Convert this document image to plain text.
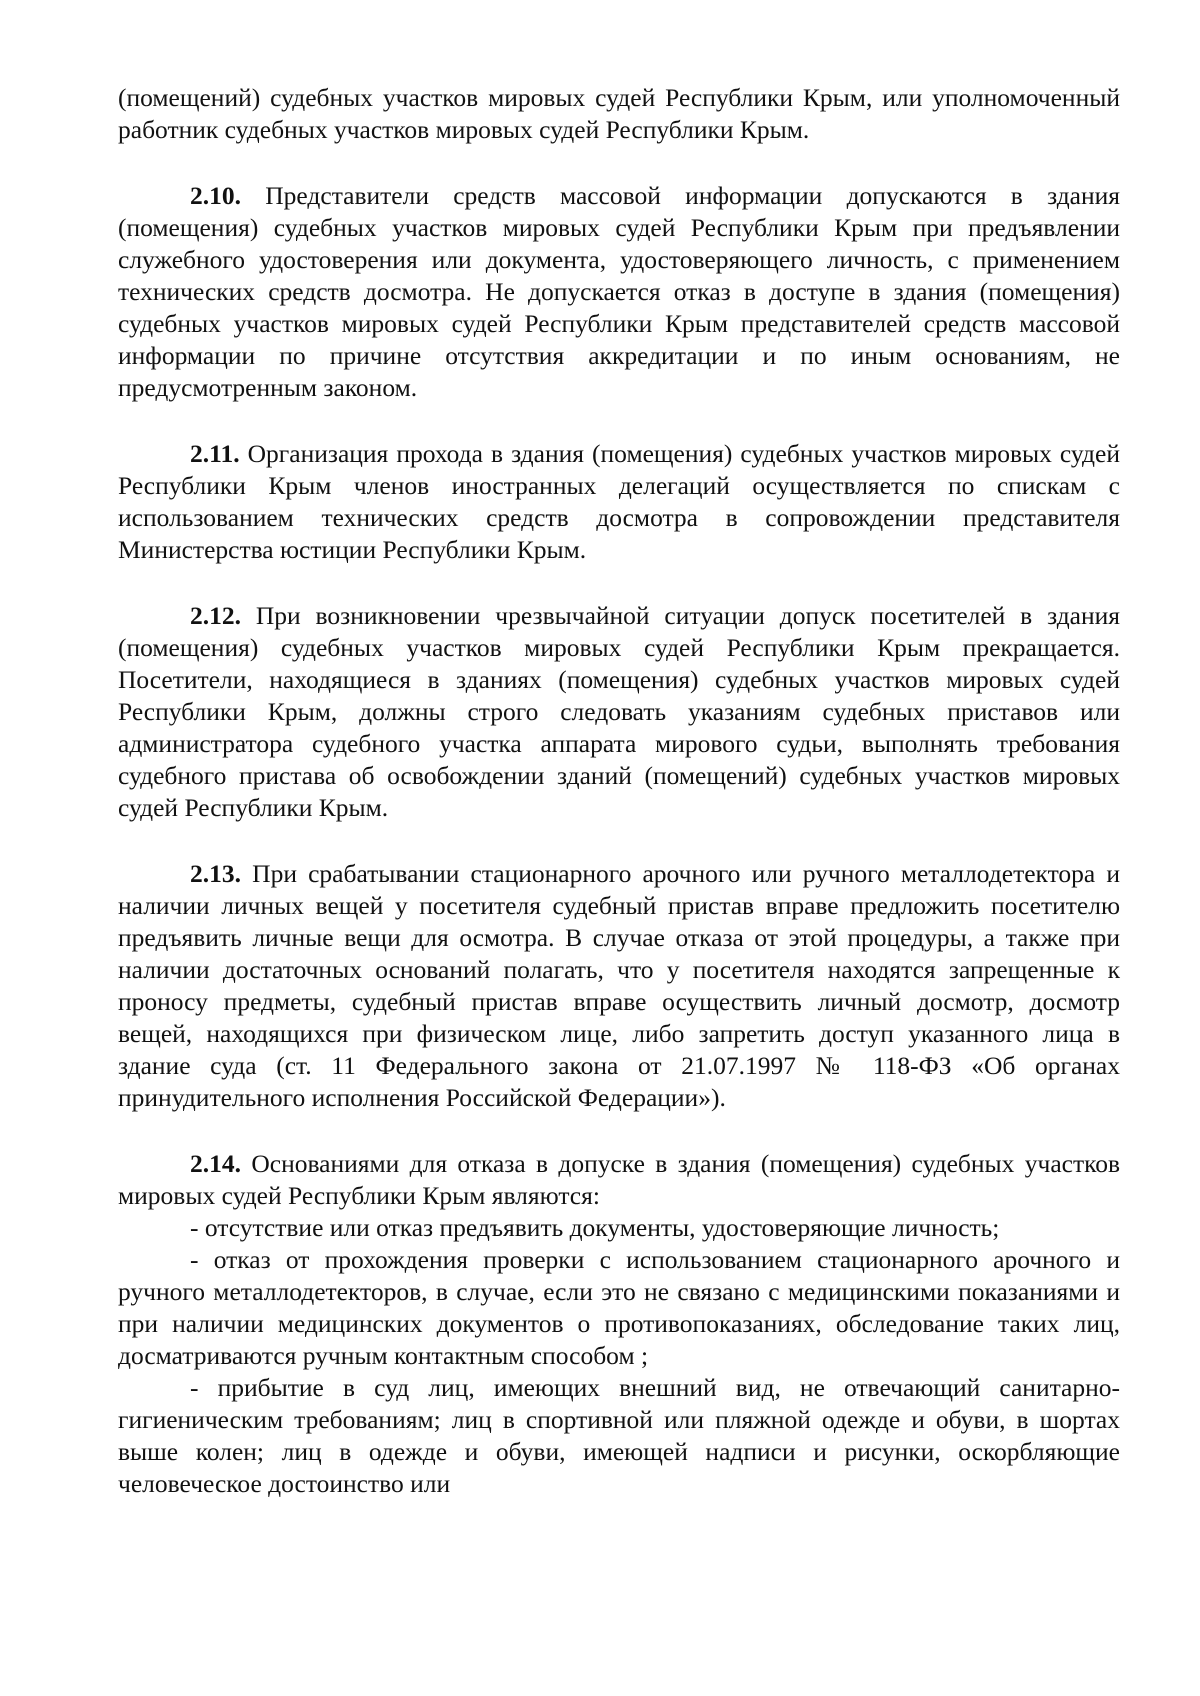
(помещений) судебных участков мировых судей Республики Крым, или уполномоченный работник судебных участков мировых судей Республики Крым.

2.10. Представители средств массовой информации допускаются в здания (помещения) судебных участков мировых судей Республики Крым при предъявлении служебного удостоверения или документа, удостоверяющего личность, с применением технических средств досмотра. Не допускается отказ в доступе в здания (помещения) судебных участков мировых судей Республики Крым представителей средств массовой информации по причине отсутствия аккредитации и по иным основаниям, не предусмотренным законом.

2.11. Организация прохода в здания (помещения) судебных участков мировых судей Республики Крым членов иностранных делегаций осуществляется по спискам с использованием технических средств досмотра в сопровождении представителя Министерства юстиции Республики Крым.

2.12. При возникновении чрезвычайной ситуации допуск посетителей в здания (помещения) судебных участков мировых судей Республики Крым прекращается. Посетители, находящиеся в зданиях (помещения) судебных участков мировых судей Республики Крым, должны строго следовать указаниям судебных приставов или администратора судебного участка аппарата мирового судьи, выполнять требования судебного пристава об освобождении зданий (помещений) судебных участков мировых судей Республики Крым.

2.13. При срабатывании стационарного арочного или ручного металлодетектора и наличии личных вещей у посетителя судебный пристав вправе предложить посетителю предъявить личные вещи для осмотра. В случае отказа от этой процедуры, а также при наличии достаточных оснований полагать, что у посетителя находятся запрещенные к проносу предметы, судебный пристав вправе осуществить личный досмотр, досмотр вещей, находящихся при физическом лице, либо запретить доступ указанного лица в здание суда (ст. 11 Федерального закона от 21.07.1997 № 118-ФЗ «Об органах принудительного исполнения Российской Федерации»).

2.14. Основаниями для отказа в допуске в здания (помещения) судебных участков мировых судей Республики Крым являются:

- отсутствие или отказ предъявить документы, удостоверяющие личность;

- отказ от прохождения проверки с использованием стационарного арочного и ручного металлодетекторов, в случае, если это не связано с медицинскими показаниями и при наличии медицинских документов о противопоказаниях, обследование таких лиц, досматриваются ручным контактным способом ;

- прибытие в суд лиц, имеющих внешний вид, не отвечающий санитарно-гигиеническим требованиям; лиц в спортивной или пляжной одежде и обуви, в шортах выше колен; лиц в одежде и обуви, имеющей надписи и рисунки, оскорбляющие человеческое достоинство или
